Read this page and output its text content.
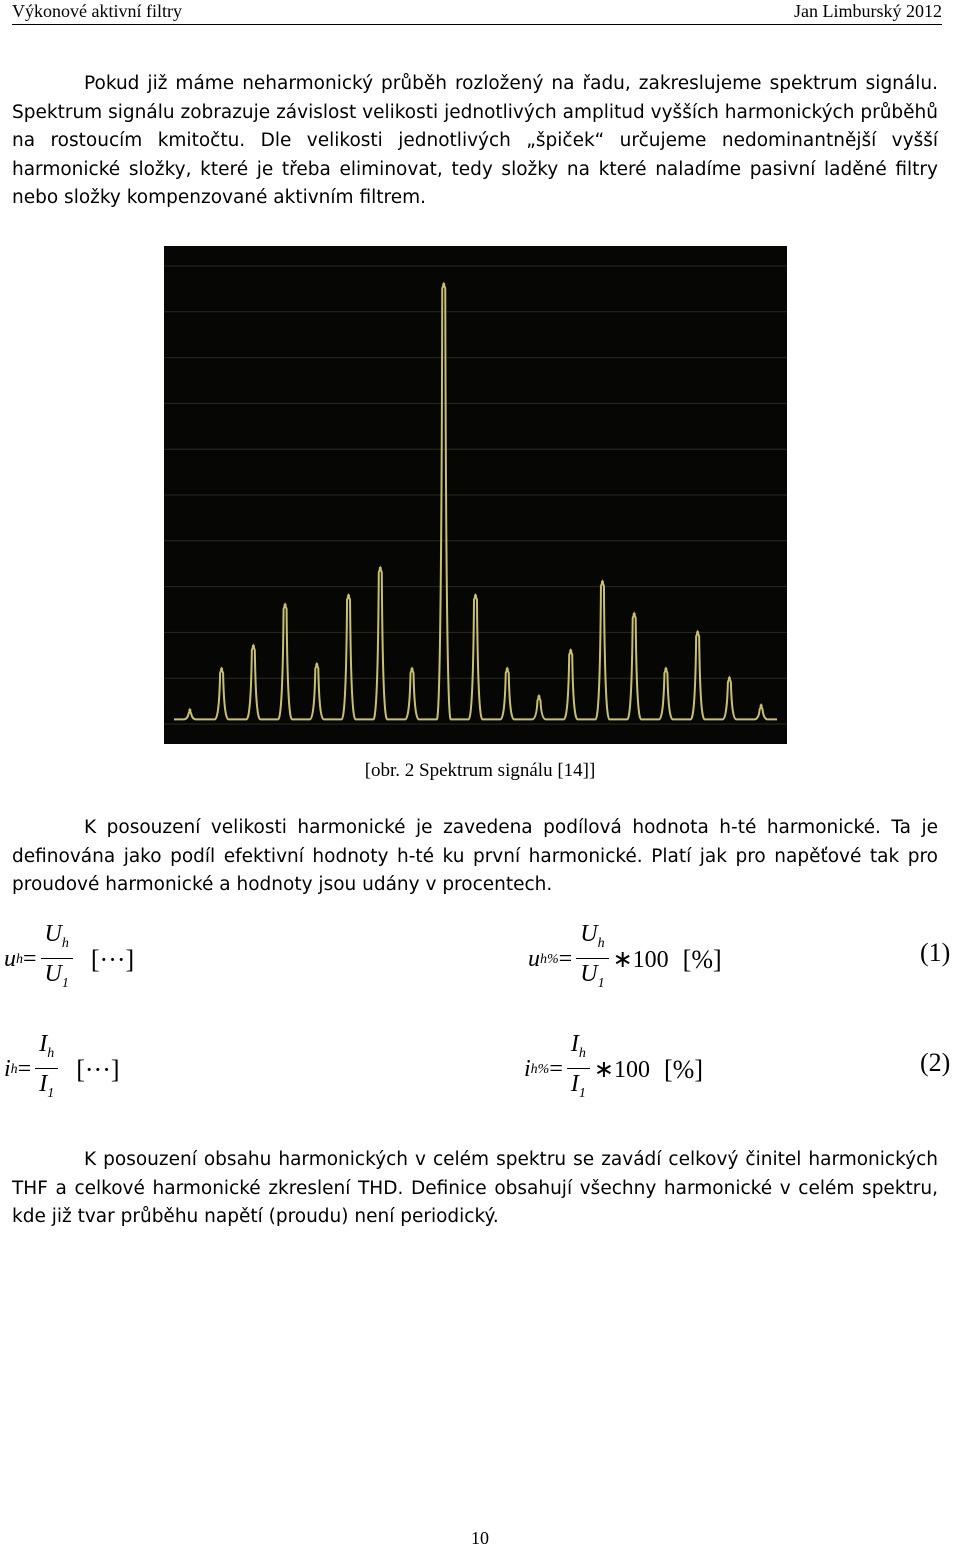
Výkonové aktivní filtry	Jan Limburský 2012

Pokud již máme neharmonický průběh rozložený na řadu, zakreslujeme spektrum signálu. Spektrum signálu zobrazuje závislost velikosti jednotlivých amplitud vyšších harmonických průběhů na rostoucím kmitočtu. Dle velikosti jednotlivých „špiček“ určujeme nedominantnější vyšší harmonické složky, které je třeba eliminovat, tedy složky na které naladíme pasivní laděné filtry nebo složky kompenzované aktivním filtrem.

[obr. 2 Spektrum signálu [14]]

K posouzení velikosti harmonické je zavedena podílová hodnota h-té harmonické. Ta je definována jako podíl efektivní hodnoty h-té ku první harmonické. Platí jak pro napěťové tak pro proudové harmonické a hodnoty jsou udány v procentech.

u $h = \frac{U_h}{U_1}$ [···]	u $h\% = \frac{U_h}{U_1}$ ∗100 [%]	(1)
i $h = \frac{I_h}{I_1}$ [···]	i $h\% = \frac{I_h}{I_1}$ ∗100 [%]	(2)

K posouzení obsahu harmonických v celém spektru se zavádí celkový činitel harmonických THF a celkové harmonické zkreslení THD. Definice obsahují všechny harmonické v celém spektru, kde již tvar průběhu napětí (proudu) není periodický.

10
